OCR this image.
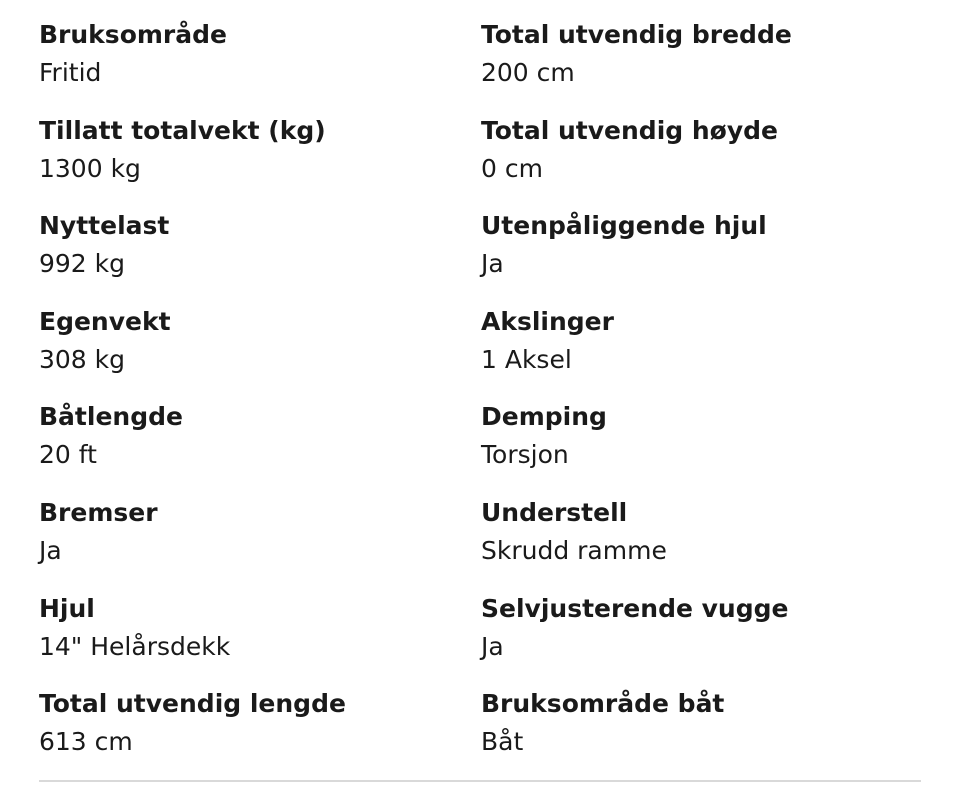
Bruksområde
Fritid
Total utvendig bredde
200 cm
Tillatt totalvekt (kg)
1300 kg
Total utvendig høyde
0 cm
Nyttelast
992 kg
Utenpåliggende hjul
Ja
Egenvekt
308 kg
Akslinger
1 Aksel
Båtlengde
20 ft
Demping
Torsjon
Bremser
Ja
Understell
Skrudd ramme
Hjul
14" Helårsdekk
Selvjusterende vugge
Ja
Total utvendig lengde
613 cm
Bruksområde båt
Båt
